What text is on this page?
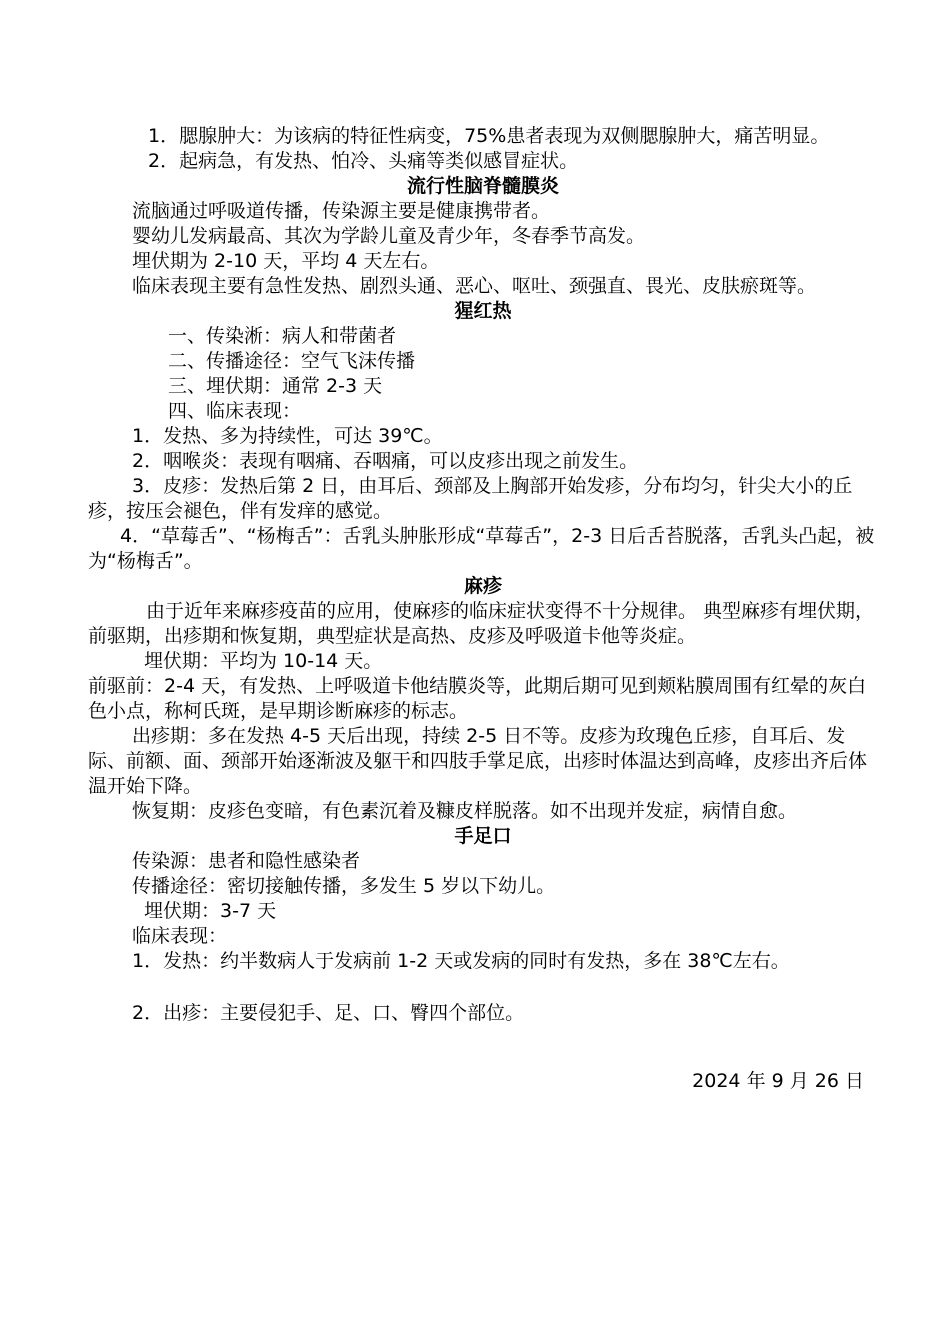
1．腮腺肿大：为该病的特征性病变，75%患者表现为双侧腮腺肿大，痛苦明显。

2．起病急，有发热、怕冷、头痛等类似感冒症状。

流行性脑脊髓膜炎

流脑通过呼吸道传播，传染源主要是健康携带者。

婴幼儿发病最高、其次为学龄儿童及青少年，冬春季节高发。

埋伏期为 2-10 天，平均 4 天左右。

临床表现主要有急性发热、剧烈头通、恶心、呕吐、颈强直、畏光、皮肤瘀斑等。

猩红热

一、传染淅：病人和带菌者

二、传播途径：空气飞沫传播

三、埋伏期：通常 2-3 天

四、临床表现：

1．发热、多为持续性，可达 39℃。

2．咽喉炎：表现有咽痛、吞咽痛，可以皮疹出现之前发生。

3．皮疹：发热后第 2 日，由耳后、颈部及上胸部开始发疹，分布均匀，针尖大小的丘疹，按压会褪色，伴有发痒的感觉。

4．“草莓舌”、“杨梅舌”：舌乳头肿胀形成“草莓舌”，2-3 日后舌苔脱落，舌乳头凸起，被为“杨梅舌”。

麻疹

由于近年来麻疹疫苗的应用，使麻疹的临床症状变得不十分规律。 典型麻疹有埋伏期，前驱期，出疹期和恢复期，典型症状是高热、皮疹及呼吸道卡他等炎症。

埋伏期：平均为 10-14 天。

前驱前：2-4 天，有发热、上呼吸道卡他结膜炎等，此期后期可见到颊粘膜周围有红晕的灰白色小点，称柯氏斑，是早期诊断麻疹的标志。

出疹期：多在发热 4-5 天后出现，持续 2-5 日不等。皮疹为玫瑰色丘疹，自耳后、发际、前额、面、颈部开始逐渐波及躯干和四肢手掌足底，出疹时体温达到高峰，皮疹出齐后体温开始下降。

恢复期：皮疹色变暗，有色素沉着及糠皮样脱落。如不出现并发症，病情自愈。

手足口

传染源：患者和隐性感染者

传播途径：密切接触传播，多发生 5 岁以下幼儿。

埋伏期：3-7 天

临床表现：

1．发热：约半数病人于发病前 1-2 天或发病的同时有发热，多在 38℃左右。

2．出疹：主要侵犯手、足、口、臀四个部位。

2024 年 9 月 26 日
